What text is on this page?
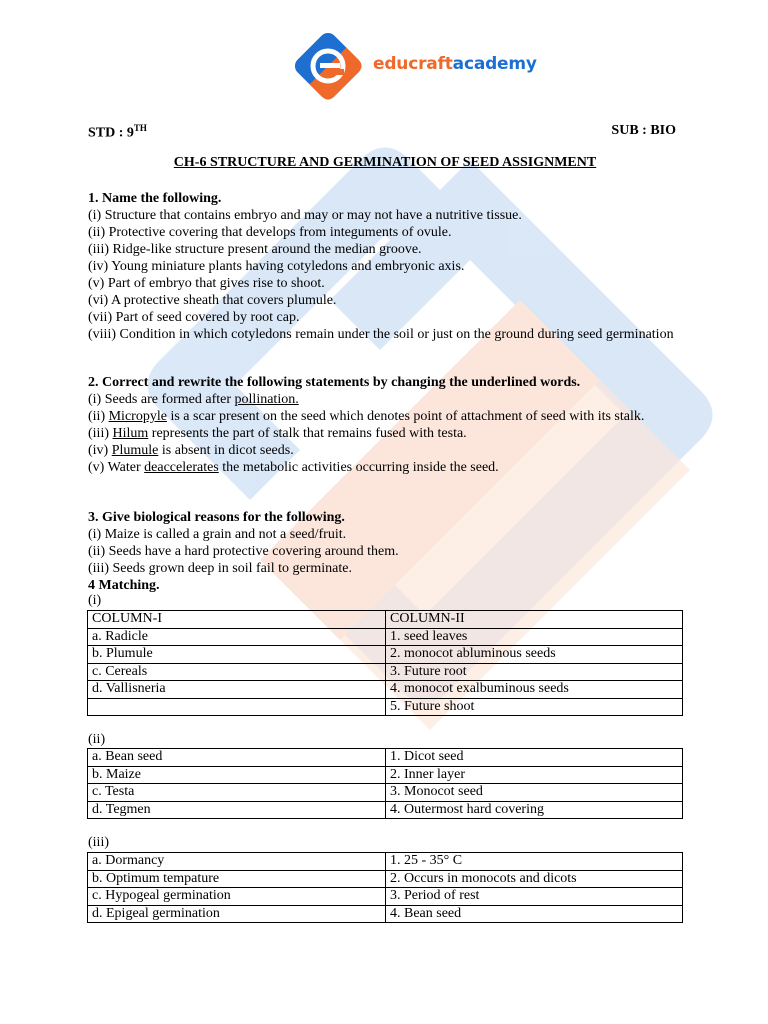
educraftacademy
STD : 9TH	SUB : BIO
CH-6 STRUCTURE AND GERMINATION OF SEED ASSIGNMENT
1. Name the following.

(i) Structure that contains embryo and may or may not have a nutritive tissue.

(ii) Protective covering that develops from integuments of ovule.

(iii) Ridge-like structure present around the median groove.

(iv) Young miniature plants having cotyledons and embryonic axis.

(v) Part of embryo that gives rise to shoot.

(vi) A protective sheath that covers plumule.

(vii) Part of seed covered by root cap.

(viii) Condition in which cotyledons remain under the soil or just on the ground during seed germination

2. Correct and rewrite the following statements by changing the underlined words.

(i) Seeds are formed after pollination.

(ii) Micropyle is a scar present on the seed which denotes point of attachment of seed with its stalk.

(iii) Hilum represents the part of stalk that remains fused with testa.

(iv) Plumule is absent in dicot seeds.

(v) Water deaccelerates the metabolic activities occurring inside the seed.

3. Give biological reasons for the following.

(i) Maize is called a grain and not a seed/fruit.

(ii) Seeds have a hard protective covering around them.

(iii) Seeds grown deep in soil fail to germinate.

4 Matching.
(i)
COLUMN-I	COLUMN-II
a. Radicle	1. seed leaves
b. Plumule	2. monocot abluminous seeds
c. Cereals	3. Future root
d. Vallisneria	4. monocot exalbuminous seeds
	5. Future shoot
(ii)
a. Bean seed	1. Dicot seed
b. Maize	2. Inner layer
c. Testa	3. Monocot seed
d. Tegmen	4. Outermost hard covering
(iii)
a. Dormancy	1. 25 - 35° C
b. Optimum tempature	2. Occurs in monocots and dicots
c. Hypogeal germination	3. Period of rest
d. Epigeal germination	4. Bean seed
